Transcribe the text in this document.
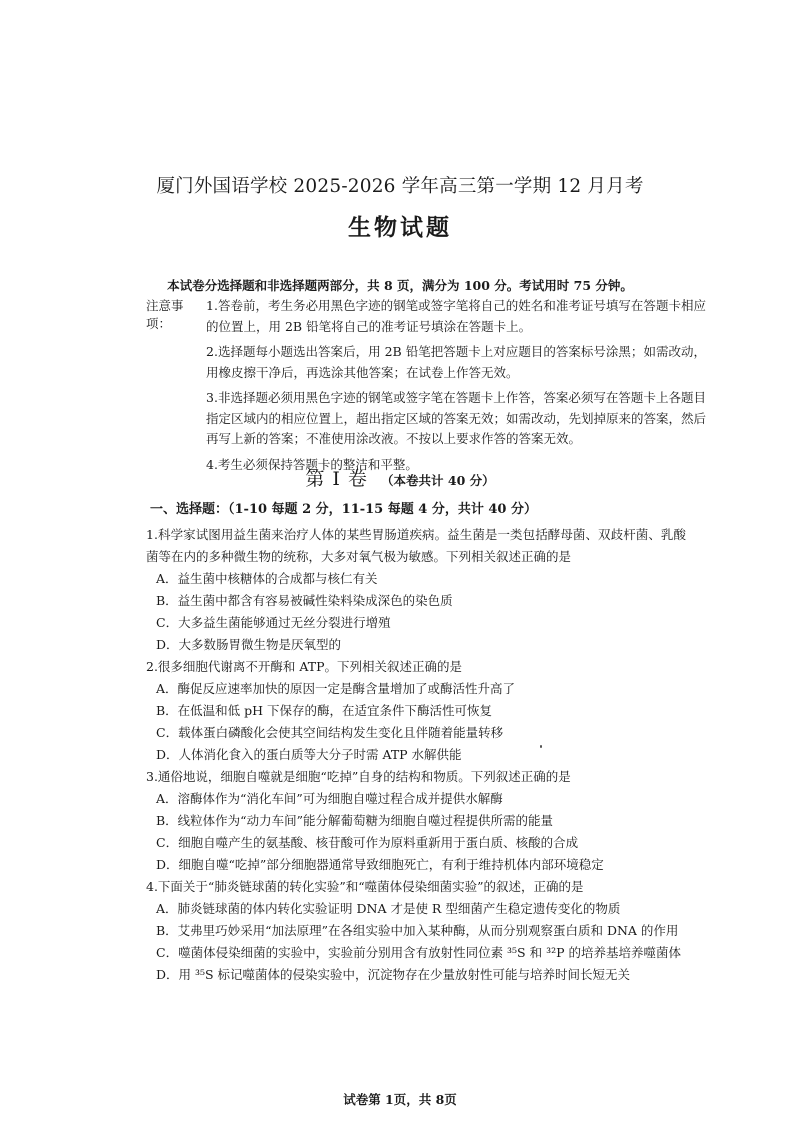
厦门外国语学校 2025-2026 学年高三第一学期 12 月月考
生物试题
本试卷分选择题和非选择题两部分，共 8 页，满分为 100 分。考试用时 75 分钟。
注意事项：
1.答卷前，考生务必用黑色字迹的钢笔或签字笔将自己的姓名和准考证号填写在答题卡相应的位置上，用 2B 铅笔将自己的准考证号填涂在答题卡上。
2.选择题每小题选出答案后，用 2B 铅笔把答题卡上对应题目的答案标号涂黑；如需改动，用橡皮擦干净后，再选涂其他答案；在试卷上作答无效。
3.非选择题必须用黑色字迹的钢笔或签字笔在答题卡上作答，答案必须写在答题卡上各题目指定区域内的相应位置上，超出指定区域的答案无效；如需改动，先划掉原来的答案，然后再写上新的答案；不准使用涂改液。不按以上要求作答的答案无效。
4.考生必须保持答题卡的整洁和平整。
第 I 卷 （本卷共计 40 分）
一、选择题：（1-10 每题 2 分，11-15 每题 4 分，共计 40 分）
1.科学家试图用益生菌来治疗人体的某些胃肠道疾病。益生菌是一类包括酵母菌、双歧杆菌、乳酸菌等在内的多种微生物的统称，大多对氧气极为敏感。下列相关叙述正确的是
A．益生菌中核糖体的合成都与核仁有关
B．益生菌中都含有容易被碱性染料染成深色的染色质
C．大多益生菌能够通过无丝分裂进行增殖
D．大多数肠胃微生物是厌氧型的
2.很多细胞代谢离不开酶和 ATP。下列相关叙述正确的是
A．酶促反应速率加快的原因一定是酶含量增加了或酶活性升高了
B．在低温和低 pH 下保存的酶，在适宜条件下酶活性可恢复
C．载体蛋白磷酸化会使其空间结构发生变化且伴随着能量转移
D．人体消化食入的蛋白质等大分子时需 ATP 水解供能
3.通俗地说，细胞自噬就是细胞“吃掉”自身的结构和物质。下列叙述正确的是
A．溶酶体作为“消化车间”可为细胞自噬过程合成并提供水解酶
B．线粒体作为“动力车间”能分解葡萄糖为细胞自噬过程提供所需的能量
C．细胞自噬产生的氨基酸、核苷酸可作为原料重新用于蛋白质、核酸的合成
D．细胞自噬“吃掉”部分细胞器通常导致细胞死亡，有利于维持机体内部环境稳定
4.下面关于“肺炎链球菌的转化实验”和“噬菌体侵染细菌实验”的叙述，正确的是
A．肺炎链球菌的体内转化实验证明 DNA 才是使 R 型细菌产生稳定遗传变化的物质
B．艾弗里巧妙采用“加法原理”在各组实验中加入某种酶，从而分别观察蛋白质和 DNA 的作用
C．噬菌体侵染细菌的实验中，实验前分别用含有放射性同位素 ³⁵S 和 ³²P 的培养基培养噬菌体
D．用 ³⁵S 标记噬菌体的侵染实验中，沉淀物存在少量放射性可能与培养时间长短无关
试卷第 1页，共 8页
